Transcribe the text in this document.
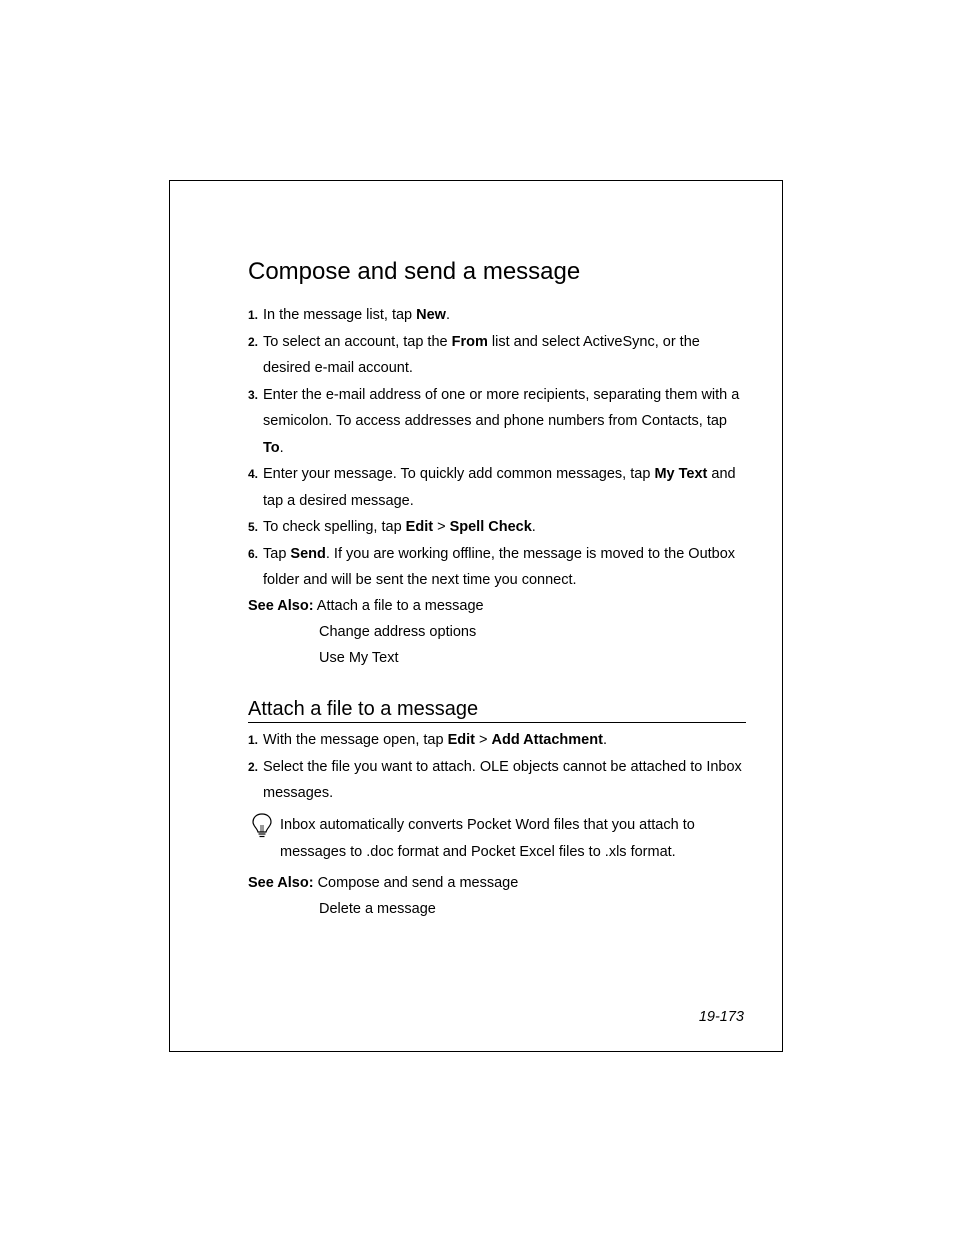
Compose and send a message
1. In the message list, tap New.
2. To select an account, tap the From list and select ActiveSync, or the desired e-mail account.
3. Enter the e-mail address of one or more recipients, separating them with a semicolon. To access addresses and phone numbers from Contacts, tap To.
4. Enter your message. To quickly add common messages, tap My Text and tap a desired message.
5. To check spelling, tap Edit > Spell Check.
6. Tap Send. If you are working offline, the message is moved to the Outbox folder and will be sent the next time you connect.
See Also: Attach a file to a message
Change address options
Use My Text
Attach a file to a message
1. With the message open, tap Edit > Add Attachment.
2. Select the file you want to attach. OLE objects cannot be attached to Inbox messages.
Inbox automatically converts Pocket Word files that you attach to messages to .doc format and Pocket Excel files to .xls format.
See Also: Compose and send a message
Delete a message
19-173
